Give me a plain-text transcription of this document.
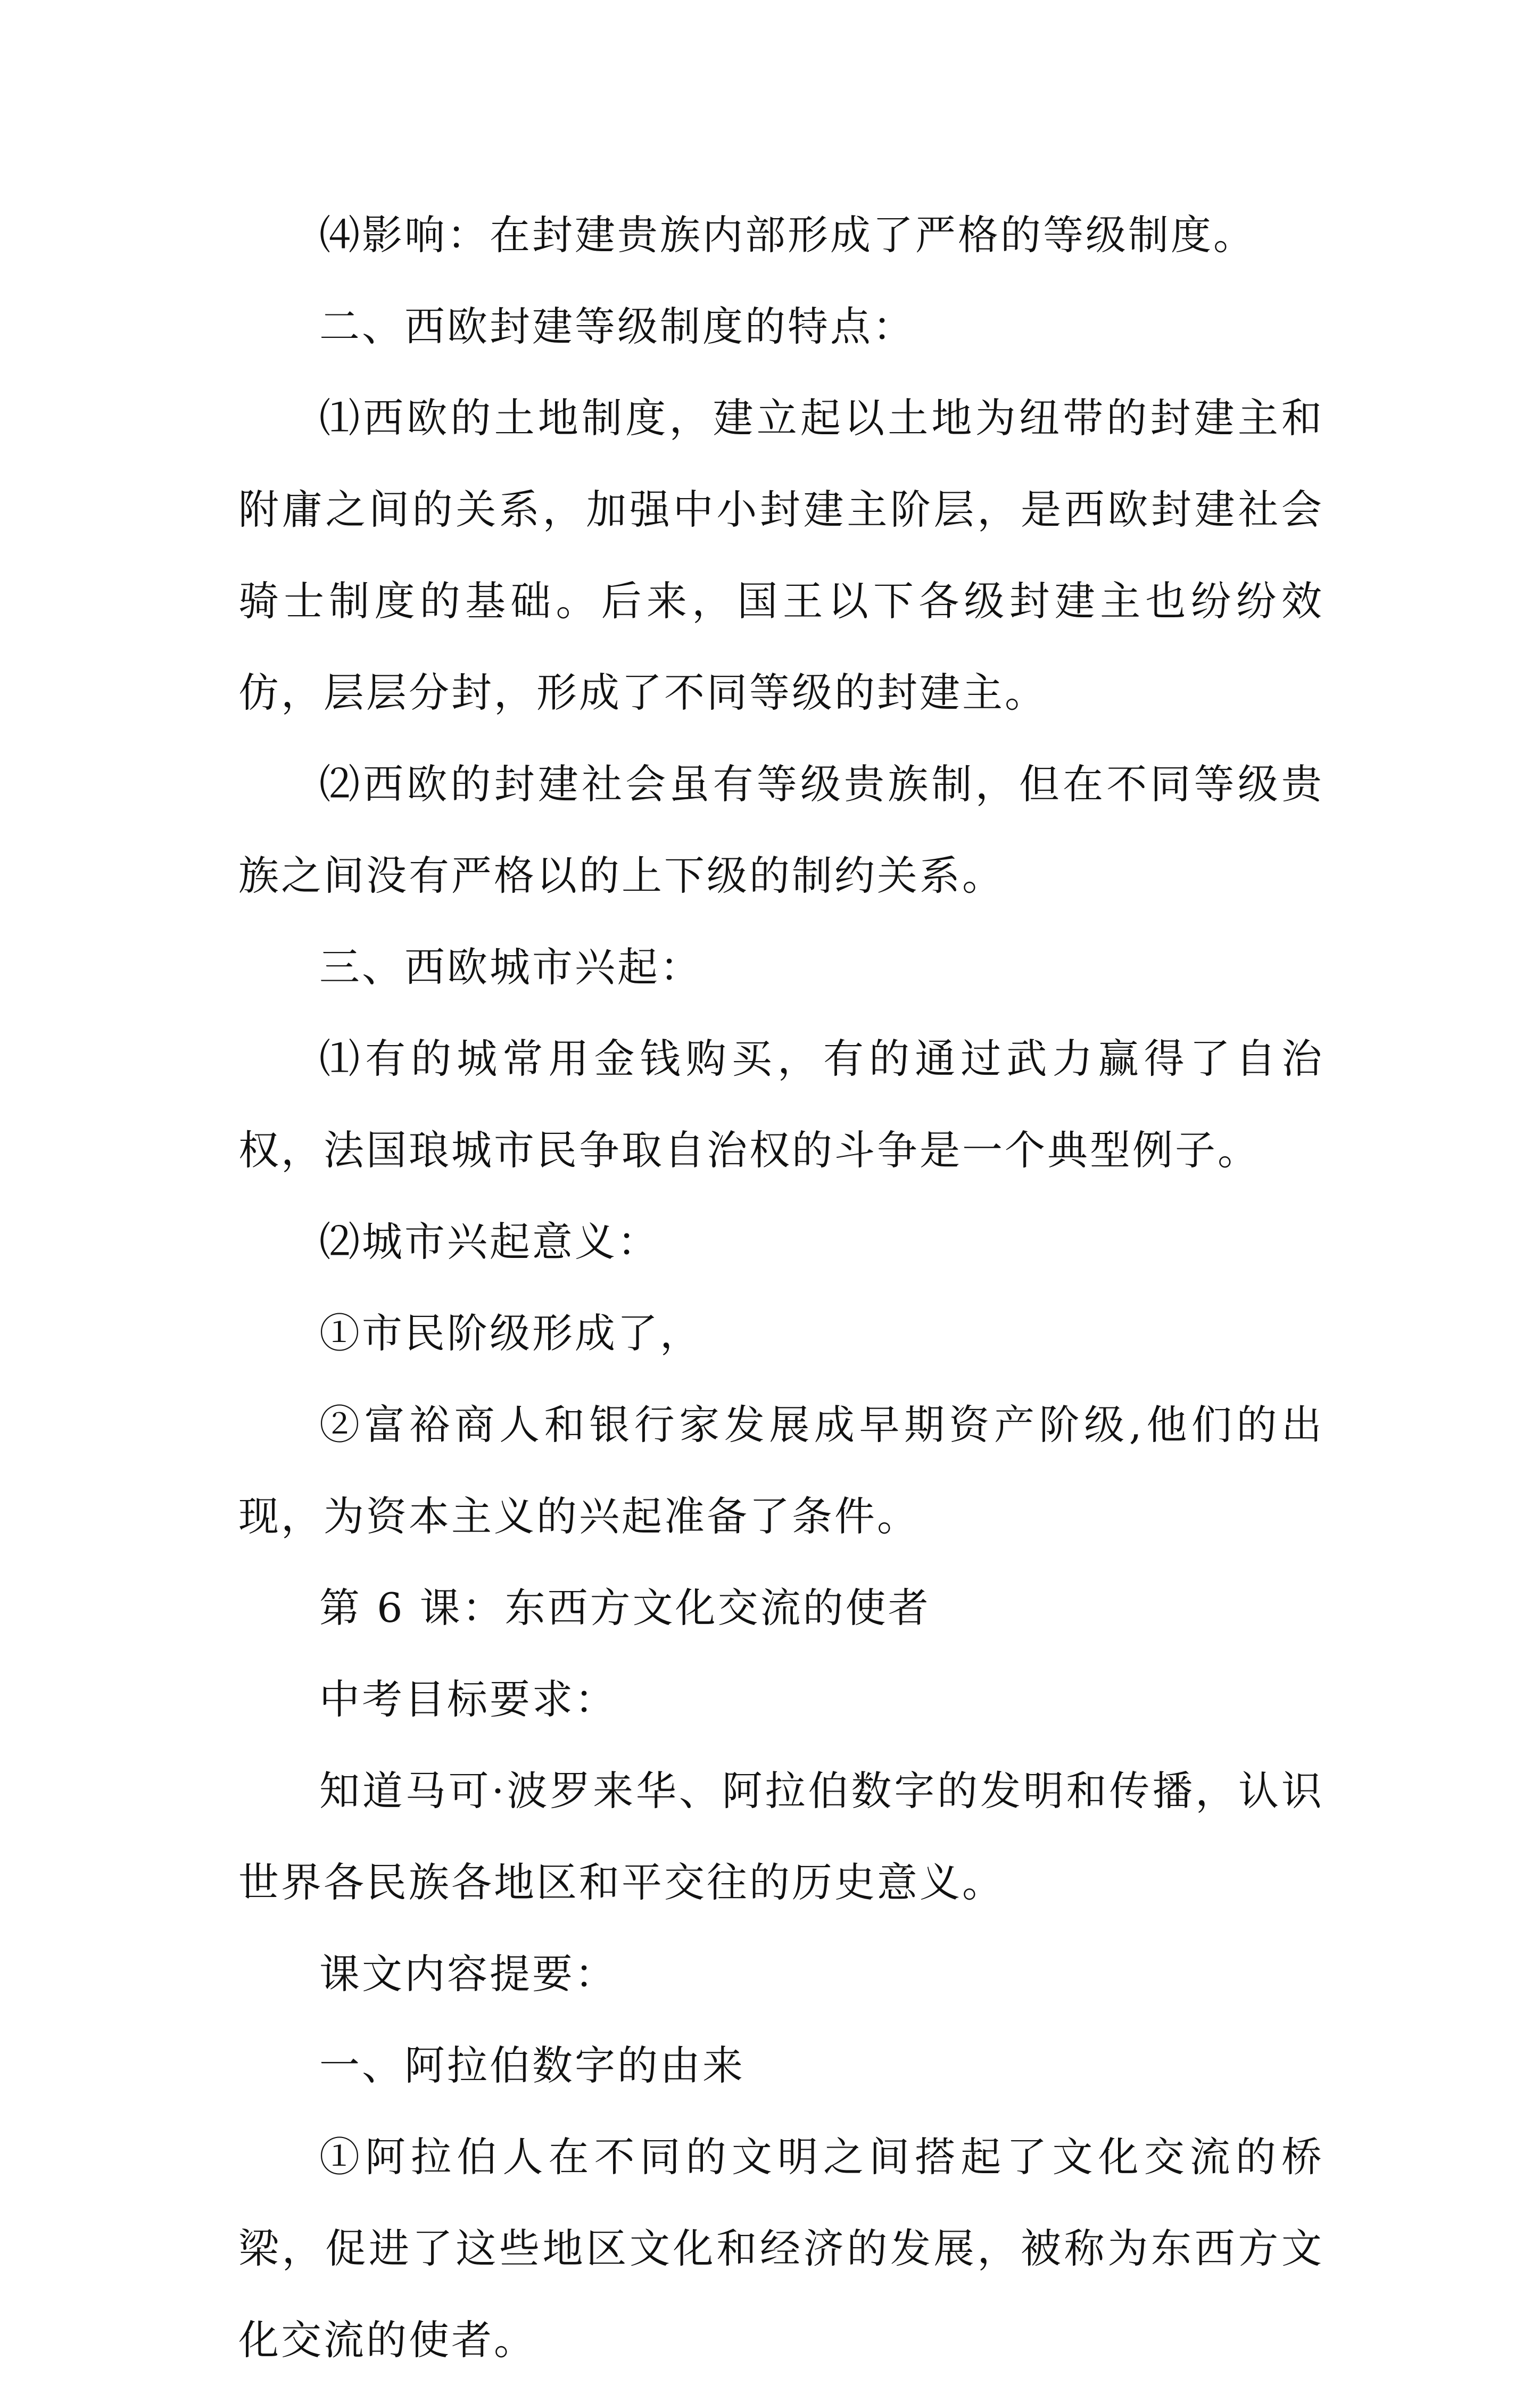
⑷影响：在封建贵族内部形成了严格的等级制度。

二、西欧封建等级制度的特点：

⑴西欧的土地制度，建立起以土地为纽带的封建主和附庸之间的关系，加强中小封建主阶层，是西欧封建社会骑士制度的基础。后来，国王以下各级封建主也纷纷效仿，层层分封，形成了不同等级的封建主。

⑵西欧的封建社会虽有等级贵族制，但在不同等级贵族之间没有严格以的上下级的制约关系。

三、西欧城市兴起：

⑴有的城常用金钱购买，有的通过武力赢得了自治权，法国琅城市民争取自治权的斗争是一个典型例子。

⑵城市兴起意义：

①市民阶级形成了，

②富裕商人和银行家发展成早期资产阶级,他们的出现，为资本主义的兴起准备了条件。

第 6 课：东西方文化交流的使者

中考目标要求：

知道马可·波罗来华、阿拉伯数字的发明和传播，认识世界各民族各地区和平交往的历史意义。

课文内容提要：

一、阿拉伯数字的由来

①阿拉伯人在不同的文明之间搭起了文化交流的桥梁，促进了这些地区文化和经济的发展，被称为东西方文化交流的使者。
